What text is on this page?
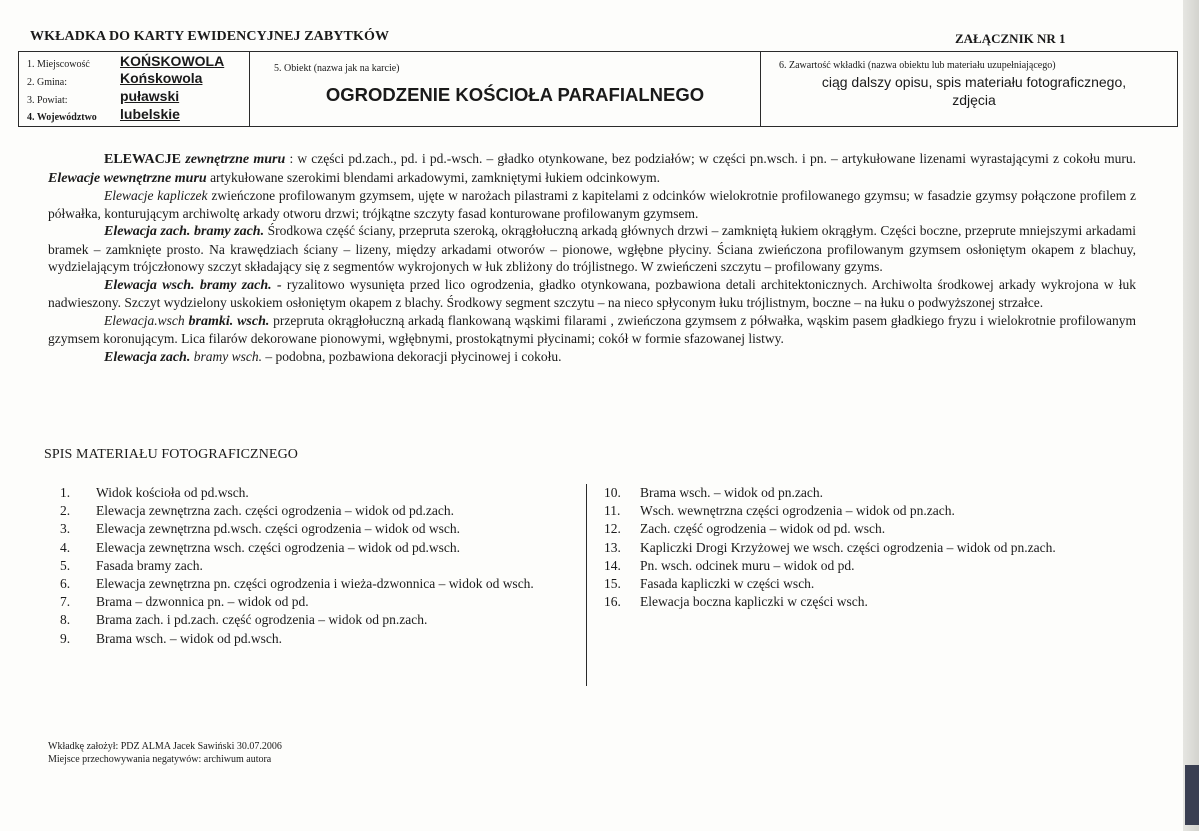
WKŁADKA DO KARTY EWIDENCYJNEJ ZABYTKÓW	ZAŁĄCZNIK NR 1
1. Miejscowość KOŃSKOWOLA
2. Gmina:	Końskowola
3. Powiat:	puławski
4. Województwo lubelskie
5. Obiekt (nazwa jak na karcie)
OGRODZENIE KOŚCIOŁA PARAFIALNEGO
6. Zawartość wkładki (nazwa obiektu lub materiału uzupełniającego)
ciąg dalszy opisu, spis materiału fotograficznego,
zdjęcia

ELEWACJE zewnętrzne muru : w części pd.zach., pd. i pd.-wsch. – gładko otynkowane, bez podziałów; w części pn.wsch. i pn. – artykułowane lizenami wyrastającymi z cokołu muru. Elewacje wewnętrzne muru artykułowane szerokimi blendami arkadowymi, zamkniętymi łukiem odcinkowym.

Elewacje kapliczek zwieńczone profilowanym gzymsem, ujęte w narożach pilastrami z kapitelami z odcinków wielokrotnie profilowanego gzymsu; w fasadzie gzymsy połączone profilem z półwałka, konturującym archiwoltę arkady otworu drzwi; trójkątne szczyty fasad konturowane profilowanym gzymsem.

Elewacja zach. bramy zach. Środkowa część ściany, przepruta szeroką, okrągłołuczną arkadą głównych drzwi – zamkniętą łukiem okrągłym. Części boczne, przeprute mniejszymi arkadami bramek – zamknięte prosto. Na krawędziach ściany – lizeny, między arkadami otworów – pionowe, wgłębne płyciny. Ściana zwieńczona profilowanym gzymsem osłoniętym okapem z blachuy, wydzielającym trójczłonowy szczyt składający się z segmentów wykrojonych w łuk zbliżony do trójlistnego. W zwieńczeni szczytu – profilowany gzyms.

Elewacja wsch. bramy zach. - ryzalitowo wysunięta przed lico ogrodzenia, gładko otynkowana, pozbawiona detali architektonicznych. Archiwolta środkowej arkady wykrojona w łuk nadwieszony. Szczyt wydzielony uskokiem osłoniętym okapem z blachy. Środkowy segment szczytu – na nieco spłyconym łuku trójlistnym, boczne – na łuku o podwyższonej strzałce.

Elewacja.wsch bramki. wsch. przepruta okrągłołuczną arkadą flankowaną wąskimi filarami , zwieńczona gzymsem z półwałka, wąskim pasem gładkiego fryzu i wielokrotnie profilowanym gzymsem koronującym. Lica filarów dekorowane pionowymi, wgłębnymi, prostokątnymi płycinami; cokół w formie sfazowanej listwy.

Elewacja zach. bramy wsch. – podobna, pozbawiona dekoracji płycinowej i cokołu.

SPIS MATERIAŁU FOTOGRAFICZNEGO
1.	Widok kościoła od pd.wsch.
2.	Elewacja zewnętrzna zach. części ogrodzenia – widok od pd.zach.
3.	Elewacja zewnętrzna pd.wsch. części ogrodzenia – widok od wsch.
4.	Elewacja zewnętrzna wsch. części ogrodzenia – widok od pd.wsch.
5.	Fasada bramy zach.
6.	Elewacja zewnętrzna pn. części ogrodzenia i wieża-dzwonnica – widok od wsch.
7.	Brama – dzwonnica pn. – widok od pd.
8.	Brama zach. i pd.zach. część ogrodzenia – widok od pn.zach.
9.	Brama wsch. – widok od pd.wsch.
10.	Brama wsch. – widok od pn.zach.
11.	Wsch. wewnętrzna części ogrodzenia – widok od pn.zach.
12.	Zach. część ogrodzenia – widok od pd. wsch.
13.	Kapliczki Drogi Krzyżowej we wsch. części ogrodzenia – widok od pn.zach.
14.	Pn. wsch. odcinek muru – widok od pd.
15.	Fasada kapliczki w części wsch.
16.	Elewacja boczna kapliczki w części wsch.
Wkładkę założył: PDZ ALMA Jacek Sawiński 30.07.2006
Miejsce przechowywania negatywów: archiwum autora
